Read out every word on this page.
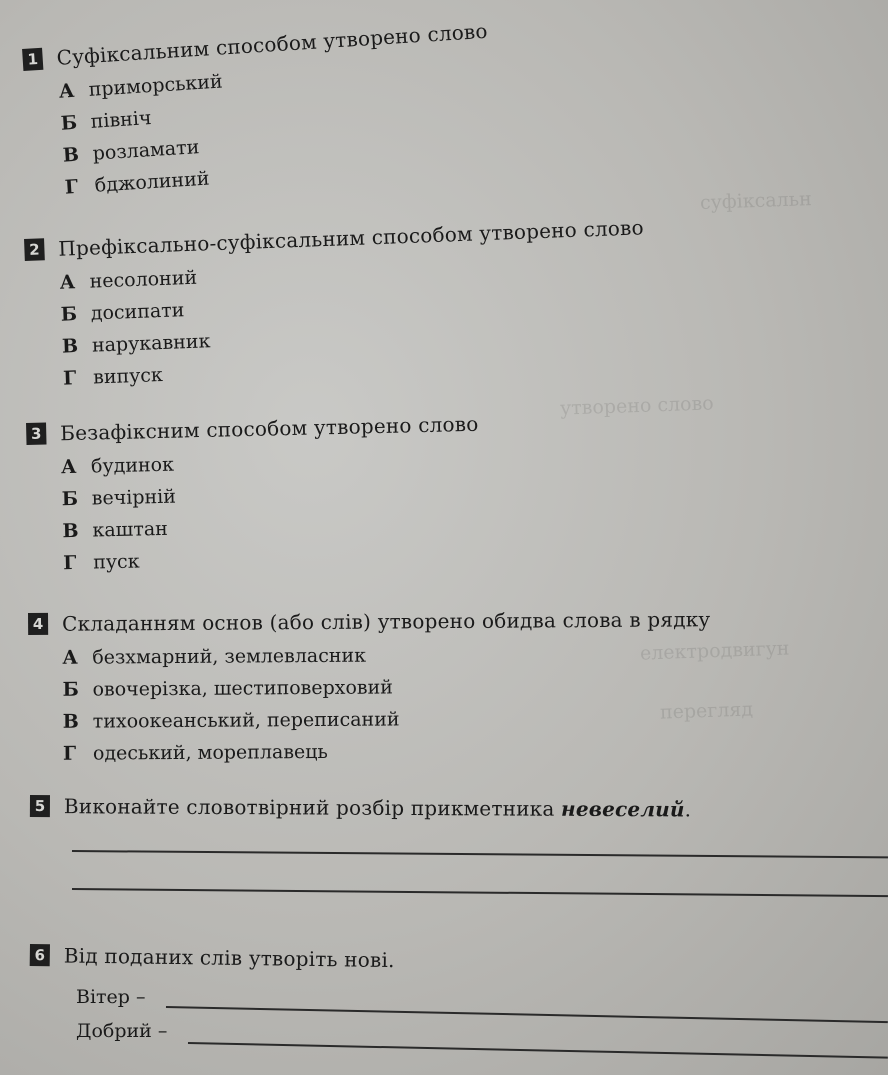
суфіксальн
утворено слово
електродвигун
перегляд
1 Суфіксальним способом утворено слово
А приморський
Б північ
В розламати
Г бджолиний
2 Префіксально-суфіксальним способом утворено слово
А несолоний
Б досипати
В нарукавник
Г випуск
3 Безафіксним способом утворено слово
А будинок
Б вечірній
В каштан
Г пуск
4 Складанням основ (або слів) утворено обидва слова в рядку
А безхмарний, землевласник
Б овочерізка, шестиповерховий
В тихоокеанський, переписаний
Г одеський, мореплавець
5 Виконайте словотвірний розбір прикметника невеселий.
6 Від поданих слів утворіть нові.
Вітер –
Добрий –
